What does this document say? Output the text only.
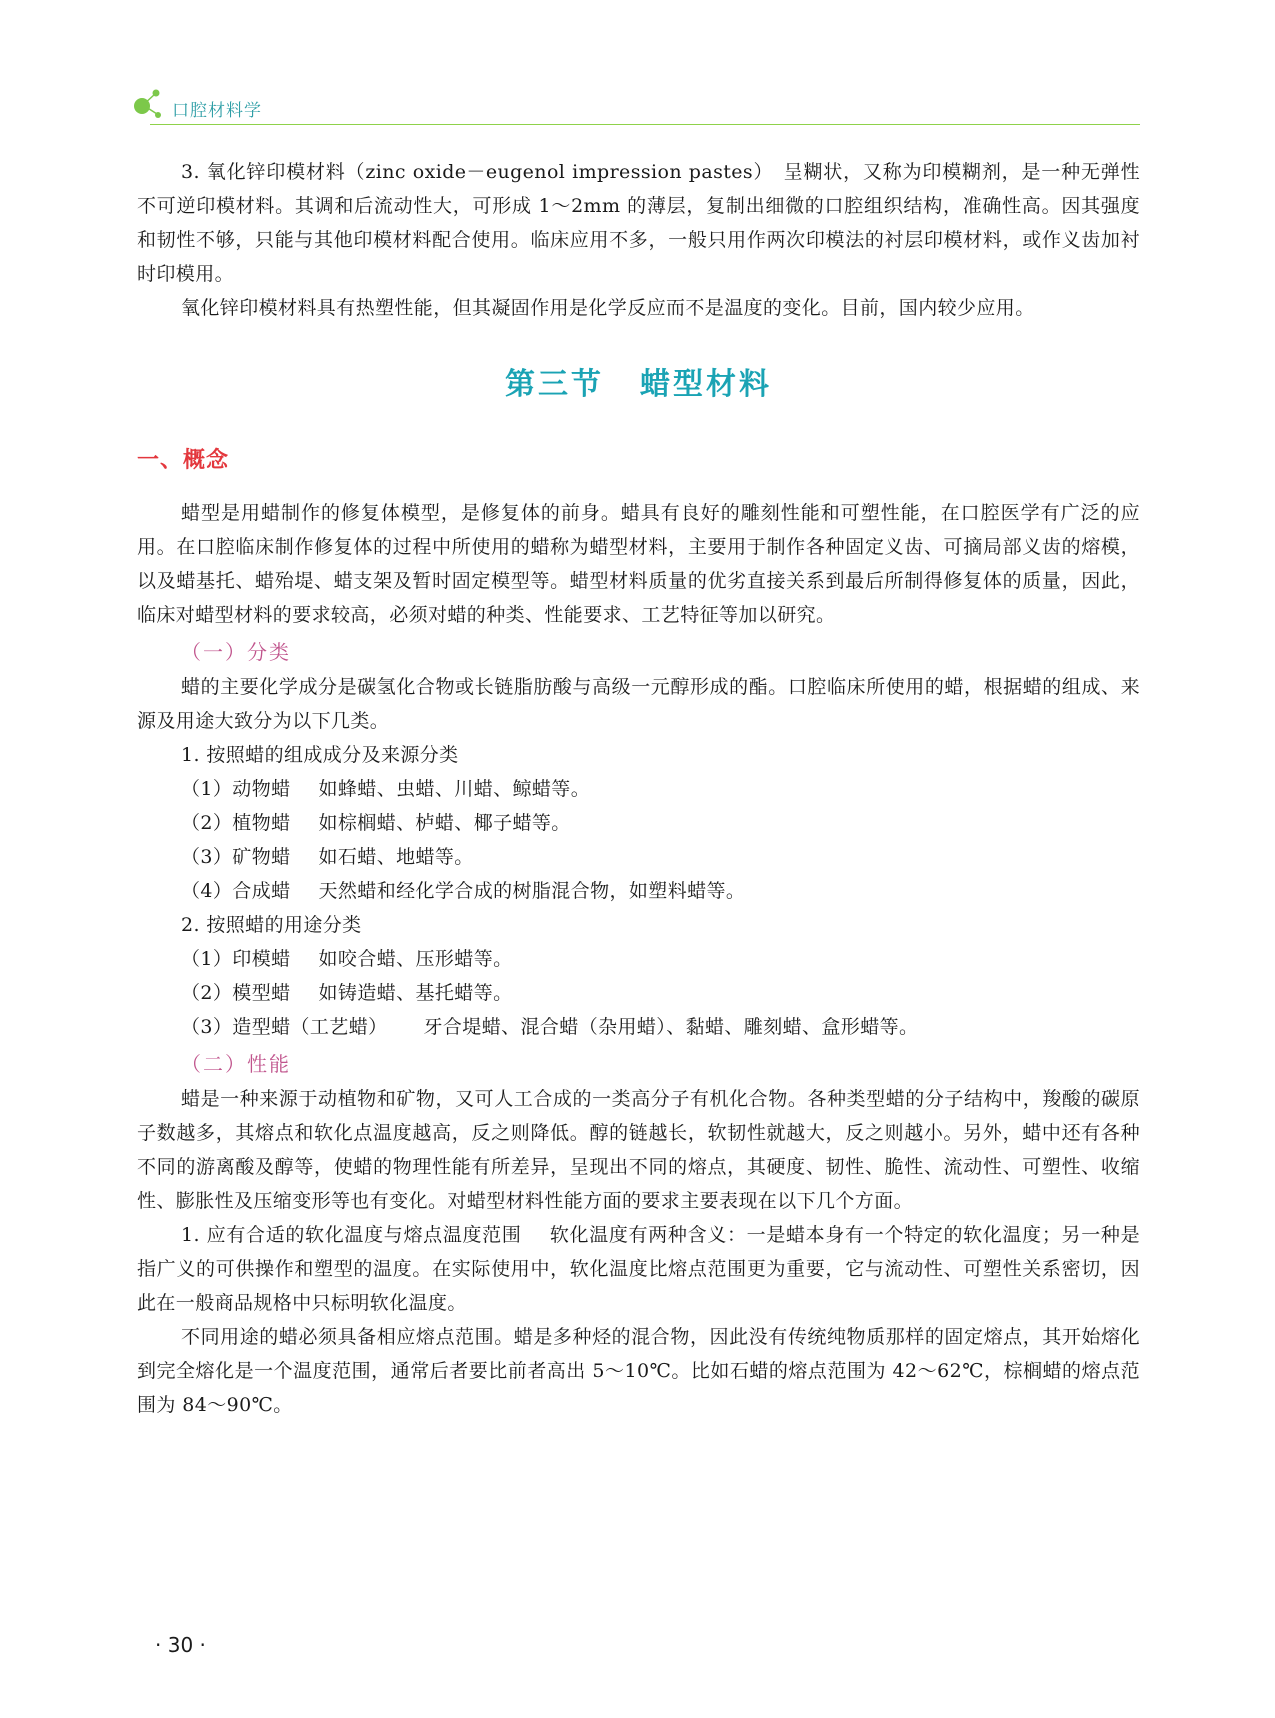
口腔材料学

3. 氧化锌印模材料（zinc oxide－eugenol impression pastes）　呈糊状，又称为印模糊剂，是一种无弹性不可逆印模材料。其调和后流动性大，可形成 1～2mm 的薄层，复制出细微的口腔组织结构，准确性高。因其强度和韧性不够，只能与其他印模材料配合使用。临床应用不多，一般只用作两次印模法的衬层印模材料，或作义齿加衬时印模用。

氧化锌印模材料具有热塑性能，但其凝固作用是化学反应而不是温度的变化。目前，国内较少应用。

第三节 蜡型材料
一、概念

蜡型是用蜡制作的修复体模型，是修复体的前身。蜡具有良好的雕刻性能和可塑性能，在口腔医学有广泛的应用。在口腔临床制作修复体的过程中所使用的蜡称为蜡型材料，主要用于制作各种固定义齿、可摘局部义齿的熔模，以及蜡基托、蜡殆堤、蜡支架及暂时固定模型等。蜡型材料质量的优劣直接关系到最后所制得修复体的质量，因此，临床对蜡型材料的要求较高，必须对蜡的种类、性能要求、工艺特征等加以研究。

（一）分类

蜡的主要化学成分是碳氢化合物或长链脂肪酸与高级一元醇形成的酯。口腔临床所使用的蜡，根据蜡的组成、来源及用途大致分为以下几类。

1. 按照蜡的组成成分及来源分类

（1）动物蜡 如蜂蜡、虫蜡、川蜡、鲸蜡等。

（2）植物蜡 如棕榈蜡、栌蜡、椰子蜡等。

（3）矿物蜡 如石蜡、地蜡等。

（4）合成蜡 天然蜡和经化学合成的树脂混合物，如塑料蜡等。

2. 按照蜡的用途分类

（1）印模蜡 如咬合蜡、压形蜡等。

（2）模型蜡 如铸造蜡、基托蜡等。

（3）造型蜡（工艺蜡） 牙合堤蜡、混合蜡（杂用蜡）、黏蜡、雕刻蜡、盒形蜡等。

（二）性能

蜡是一种来源于动植物和矿物，又可人工合成的一类高分子有机化合物。各种类型蜡的分子结构中，羧酸的碳原子数越多，其熔点和软化点温度越高，反之则降低。醇的链越长，软韧性就越大，反之则越小。另外，蜡中还有各种不同的游离酸及醇等，使蜡的物理性能有所差异，呈现出不同的熔点，其硬度、韧性、脆性、流动性、可塑性、收缩性、膨胀性及压缩变形等也有变化。对蜡型材料性能方面的要求主要表现在以下几个方面。

1. 应有合适的软化温度与熔点温度范围 软化温度有两种含义：一是蜡本身有一个特定的软化温度；另一种是指广义的可供操作和塑型的温度。在实际使用中，软化温度比熔点范围更为重要，它与流动性、可塑性关系密切，因此在一般商品规格中只标明软化温度。

不同用途的蜡必须具备相应熔点范围。蜡是多种烃的混合物，因此没有传统纯物质那样的固定熔点，其开始熔化到完全熔化是一个温度范围，通常后者要比前者高出 5～10℃。比如石蜡的熔点范围为 42～62℃，棕榈蜡的熔点范围为 84～90℃。

· 30 ·
